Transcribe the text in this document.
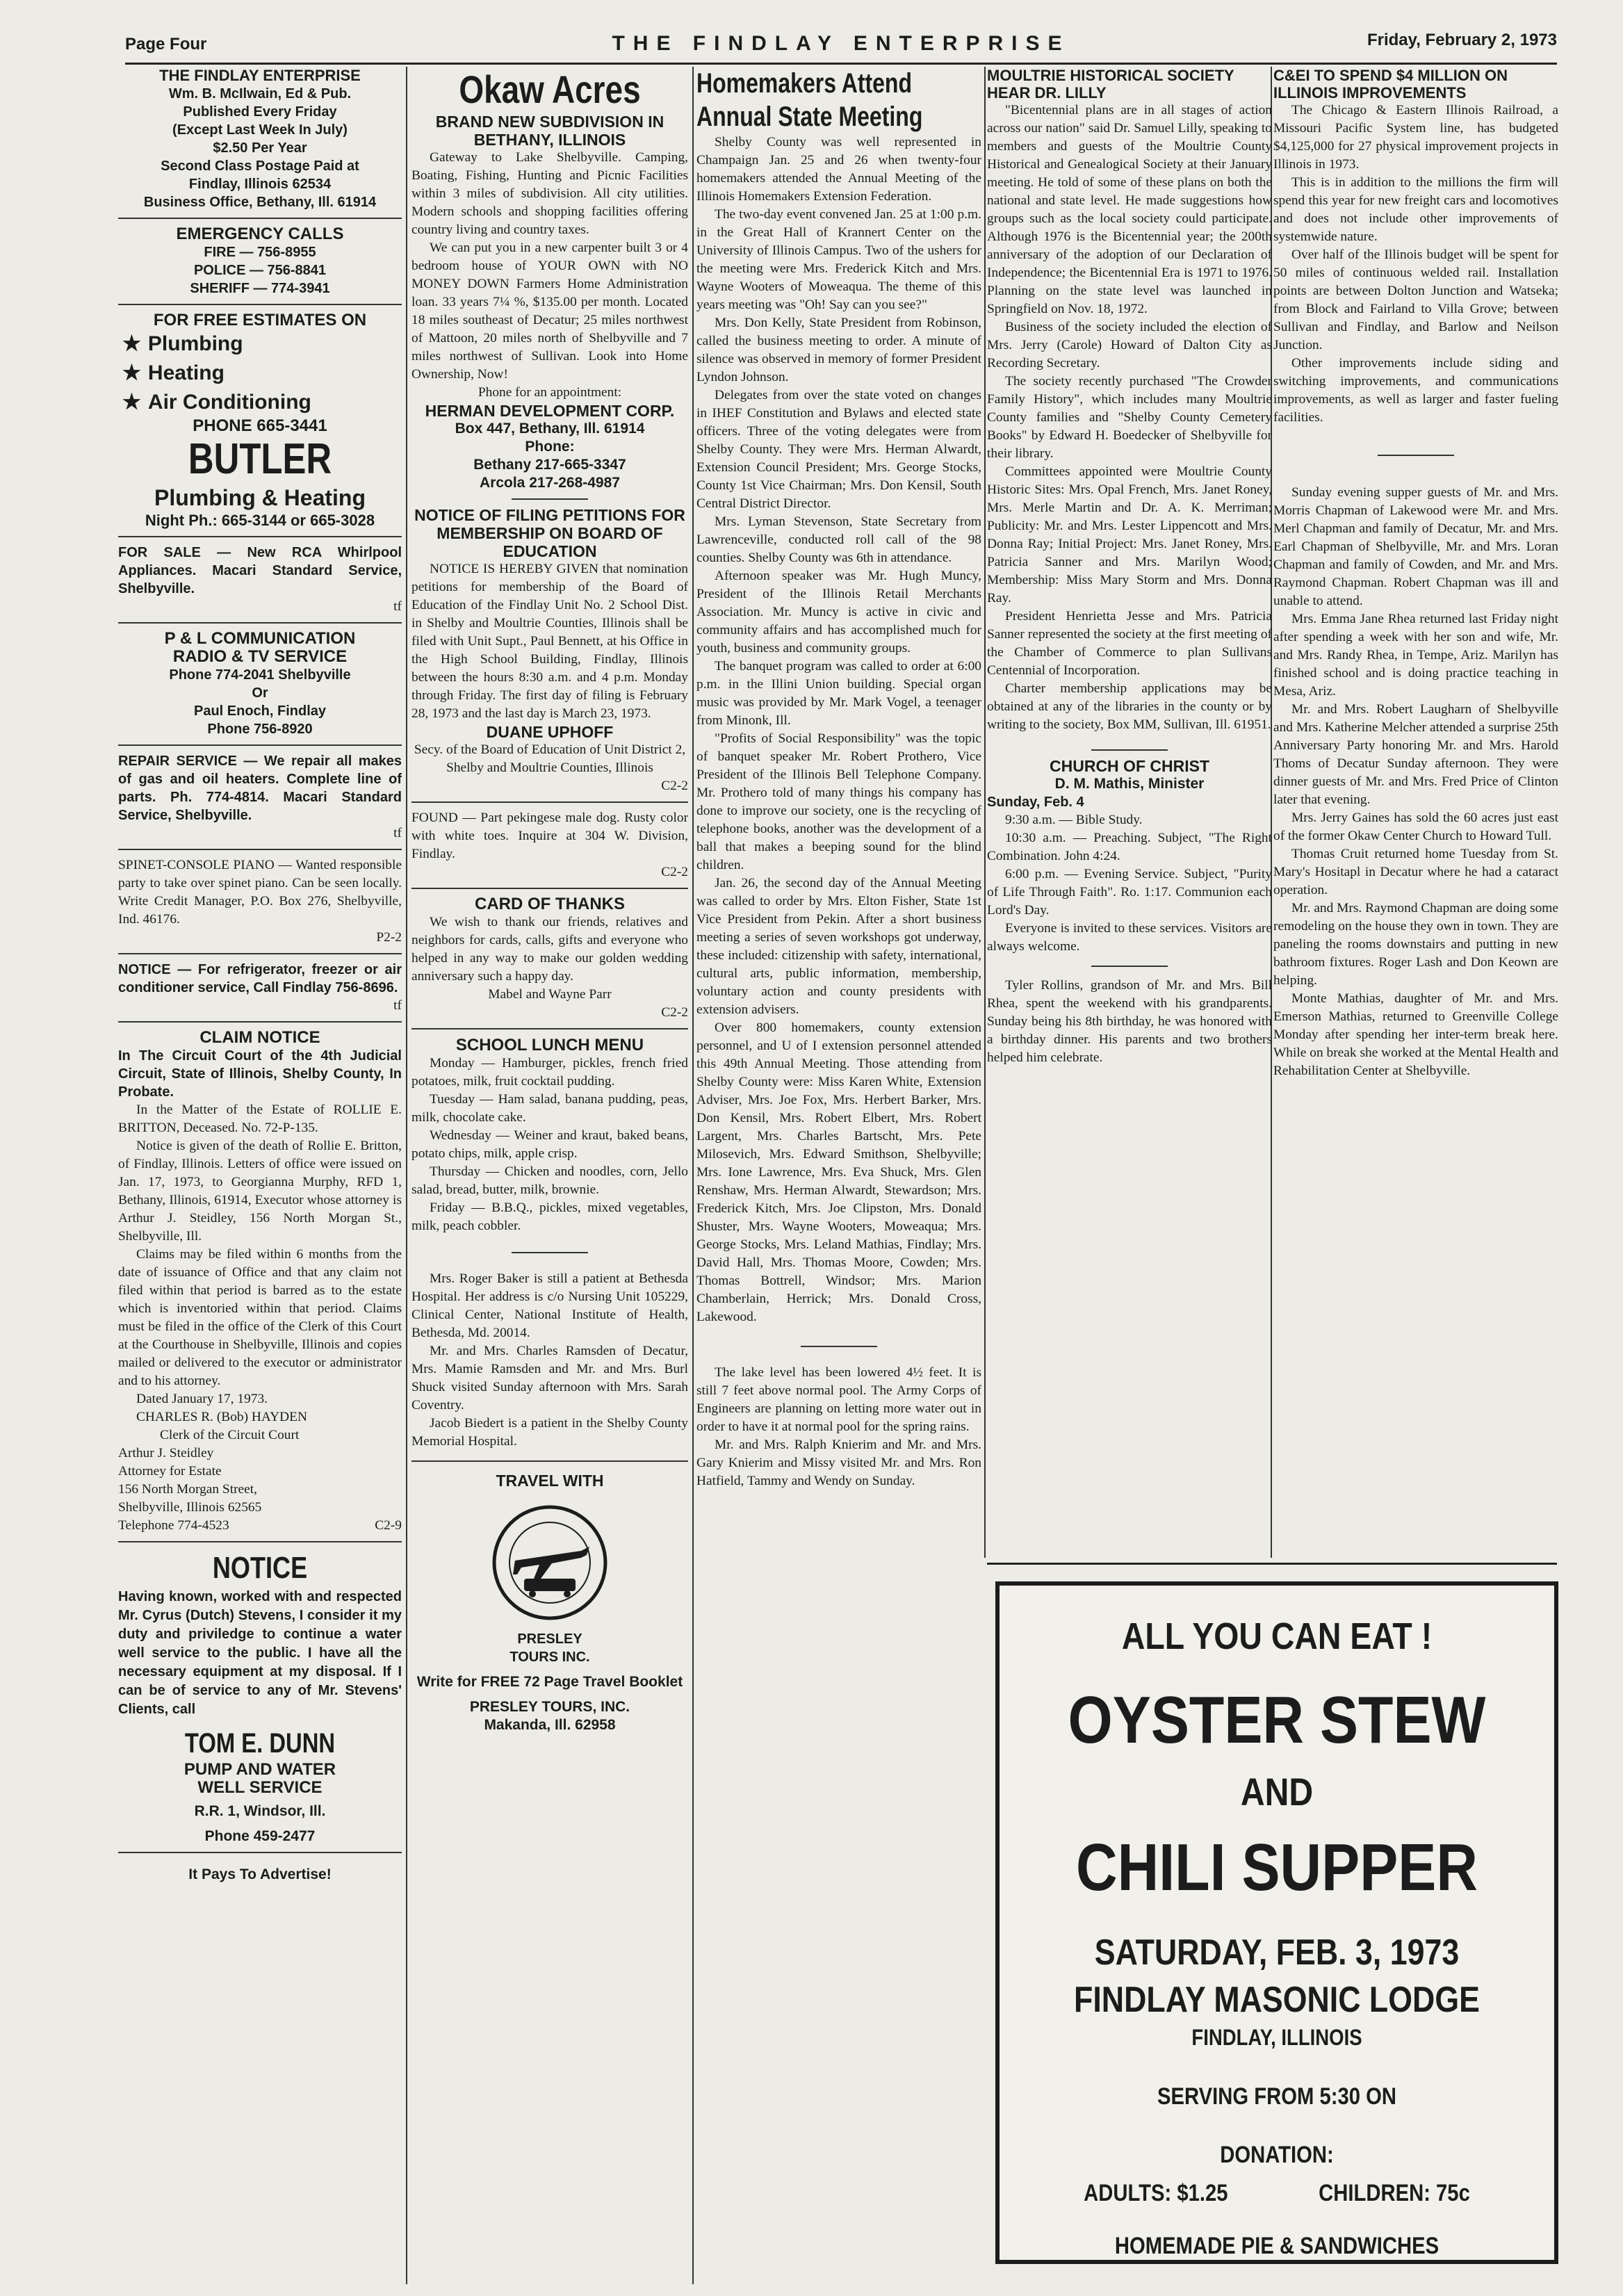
Page Four	THE FINDLAY ENTERPRISE	Friday, February 2, 1973
THE FINDLAY ENTERPRISE
Wm. B. McIlwain, Ed & Pub.
Published Every Friday
(Except Last Week In July)
$2.50 Per Year
Second Class Postage Paid at
Findlay, Illinois 62534
Business Office, Bethany, Ill. 61914
EMERGENCY CALLS
FIRE — 756-8955
POLICE — 756-8841
SHERIFF — 774-3941
FOR FREE ESTIMATES ON
★ Plumbing
★ Heating
★ Air Conditioning
PHONE 665-3441
BUTLER
Plumbing & Heating
Night Ph.: 665-3144 or 665-3028

FOR SALE — New RCA Whirlpool Appliances. Macari Standard Service, Shelbyville.

tf
P & L COMMUNICATION
RADIO & TV SERVICE
Phone 774-2041 Shelbyville
Or
Paul Enoch, Findlay
Phone 756-8920

REPAIR SERVICE — We repair all makes of gas and oil heaters. Complete line of parts. Ph. 774-4814. Macari Standard Service, Shelbyville.

tf

SPINET-CONSOLE PIANO — Wanted responsible party to take over spinet piano. Can be seen locally. Write Credit Manager, P.O. Box 276, Shelbyville, Ind. 46176.

P2-2

NOTICE — For refrigerator, freezer or air conditioner service, Call Findlay 756-8696.

tf
CLAIM NOTICE

In The Circuit Court of the 4th Judicial Circuit, State of Illinois, Shelby County, In Probate.

In the Matter of the Estate of ROLLIE E. BRITTON, Deceased. No. 72-P-135.

Notice is given of the death of Rollie E. Britton, of Findlay, Illinois. Letters of office were issued on Jan. 17, 1973, to Georgianna Murphy, RFD 1, Bethany, Illinois, 61914, Executor whose attorney is Arthur J. Steidley, 156 North Morgan St., Shelbyville, Ill.

Claims may be filed within 6 months from the date of issuance of Office and that any claim not filed within that period is barred as to the estate which is inventoried within that period. Claims must be filed in the office of the Clerk of this Court at the Courthouse in Shelbyville, Illinois and copies mailed or delivered to the executor or administrator and to his attorney.

Dated January 17, 1973.

CHARLES R. (Bob) HAYDEN

Clerk of the Circuit Court

Arthur J. Steidley
Attorney for Estate
156 North Morgan Street,
Shelbyville, Illinois 62565
Telephone 774-4523	C2-9
NOTICE

Having known, worked with and respected Mr. Cyrus (Dutch) Stevens, I consider it my duty and priviledge to continue a water well service to the public. I have all the necessary equipment at my disposal. If I can be of service to any of Mr. Stevens' Clients, call

TOM E. DUNN
PUMP AND WATER
WELL SERVICE
R.R. 1, Windsor, Ill.
Phone 459-2477
It Pays To Advertise!
Okaw Acres
BRAND NEW SUBDIVISION IN BETHANY, ILLINOIS

Gateway to Lake Shelbyville. Camping, Boating, Fishing, Hunting and Picnic Facilities within 3 miles of subdivision. All city utilities. Modern schools and shopping facilities offering country living and country taxes.

We can put you in a new carpenter built 3 or 4 bedroom house of YOUR OWN with NO MONEY DOWN Farmers Home Administration loan. 33 years 7¼ %, $135.00 per month. Located 18 miles southeast of Decatur; 25 miles northwest of Mattoon, 20 miles north of Shelbyville and 7 miles northwest of Sullivan. Look into Home Ownership, Now!

Phone for an appointment:
HERMAN DEVELOPMENT CORP.
Box 447, Bethany, Ill. 61914
Phone:
Bethany 217-665-3347
Arcola 217-268-4987
NOTICE OF FILING PETITIONS FOR MEMBERSHIP ON BOARD OF EDUCATION

NOTICE IS HEREBY GIVEN that nomination petitions for membership of the Board of Education of the Findlay Unit No. 2 School Dist. in Shelby and Moultrie Counties, Illinois shall be filed with Unit Supt., Paul Bennett, at his Office in the High School Building, Findlay, Illinois between the hours 8:30 a.m. and 4 p.m. Monday through Friday. The first day of filing is February 28, 1973 and the last day is March 23, 1973.

DUANE UPHOFF

Secy. of the Board of Education of Unit District 2, Shelby and Moultrie Counties, Illinois

C2-2

FOUND — Part pekingese male dog. Rusty color with white toes. Inquire at 304 W. Division, Findlay.

C2-2
CARD OF THANKS

We wish to thank our friends, relatives and neighbors for cards, calls, gifts and everyone who helped in any way to make our golden wedding anniversary such a happy day.

Mabel and Wayne Parr
C2-2
SCHOOL LUNCH MENU

Monday — Hamburger, pickles, french fried potatoes, milk, fruit cocktail pudding.

Tuesday — Ham salad, banana pudding, peas, milk, chocolate cake.

Wednesday — Weiner and kraut, baked beans, potato chips, milk, apple crisp.

Thursday — Chicken and noodles, corn, Jello salad, bread, butter, milk, brownie.

Friday — B.B.Q., pickles, mixed vegetables, milk, peach cobbler.

Mrs. Roger Baker is still a patient at Bethesda Hospital. Her address is c/o Nursing Unit 105229, Clinical Center, National Institute of Health, Bethesda, Md. 20014.

Mr. and Mrs. Charles Ramsden of Decatur, Mrs. Mamie Ramsden and Mr. and Mrs. Burl Shuck visited Sunday afternoon with Mrs. Sarah Coventry.

Jacob Biedert is a patient in the Shelby County Memorial Hospital.

TRAVEL WITH
PRESLEY
TOURS INC.
Write for FREE 72 Page Travel Booklet
PRESLEY TOURS, INC.
Makanda, Ill. 62958
Homemakers Attend Annual State Meeting

Shelby County was well represented in Champaign Jan. 25 and 26 when twenty-four homemakers attended the Annual Meeting of the Illinois Homemakers Extension Federation.

The two-day event convened Jan. 25 at 1:00 p.m. in the Great Hall of Krannert Center on the University of Illinois Campus. Two of the ushers for the meeting were Mrs. Frederick Kitch and Mrs. Wayne Wooters of Moweaqua. The theme of this years meeting was "Oh! Say can you see?"

Mrs. Don Kelly, State President from Robinson, called the business meeting to order. A minute of silence was observed in memory of former President Lyndon Johnson.

Delegates from over the state voted on changes in IHEF Constitution and Bylaws and elected state officers. Three of the voting delegates were from Shelby County. They were Mrs. Herman Alwardt, Extension Council President; Mrs. George Stocks, County 1st Vice Chairman; Mrs. Don Kensil, South Central District Director.

Mrs. Lyman Stevenson, State Secretary from Lawrenceville, conducted roll call of the 98 counties. Shelby County was 6th in attendance.

Afternoon speaker was Mr. Hugh Muncy, President of the Illinois Retail Merchants Association. Mr. Muncy is active in civic and community affairs and has accomplished much for youth, business and community groups.

The banquet program was called to order at 6:00 p.m. in the Illini Union building. Special organ music was provided by Mr. Mark Vogel, a teenager from Minonk, Ill.

"Profits of Social Responsibility" was the topic of banquet speaker Mr. Robert Prothero, Vice President of the Illinois Bell Telephone Company. Mr. Prothero told of many things his company has done to improve our society, one is the recycling of telephone books, another was the development of a ball that makes a beeping sound for the blind children.

Jan. 26, the second day of the Annual Meeting was called to order by Mrs. Elton Fisher, State 1st Vice President from Pekin. After a short business meeting a series of seven workshops got underway, these included: citizenship with safety, international, cultural arts, public information, membership, voluntary action and county presidents with extension advisers.

Over 800 homemakers, county extension personnel, and U of I extension personnel attended this 49th Annual Meeting. Those attending from Shelby County were: Miss Karen White, Extension Adviser, Mrs. Joe Fox, Mrs. Herbert Barker, Mrs. Don Kensil, Mrs. Robert Elbert, Mrs. Robert Largent, Mrs. Charles Bartscht, Mrs. Pete Milosevich, Mrs. Edward Smithson, Shelbyville; Mrs. Ione Lawrence, Mrs. Eva Shuck, Mrs. Glen Renshaw, Mrs. Herman Alwardt, Stewardson; Mrs. Frederick Kitch, Mrs. Joe Clipston, Mrs. Donald Shuster, Mrs. Wayne Wooters, Moweaqua; Mrs. George Stocks, Mrs. Leland Mathias, Findlay; Mrs. David Hall, Mrs. Thomas Moore, Cowden; Mrs. Thomas Bottrell, Windsor; Mrs. Marion Chamberlain, Herrick; Mrs. Donald Cross, Lakewood.

The lake level has been lowered 4½ feet. It is still 7 feet above normal pool. The Army Corps of Engineers are planning on letting more water out in order to have it at normal pool for the spring rains.

Mr. and Mrs. Ralph Knierim and Mr. and Mrs. Gary Knierim and Missy visited Mr. and Mrs. Ron Hatfield, Tammy and Wendy on Sunday.

MOULTRIE HISTORICAL SOCIETY HEAR DR. LILLY

"Bicentennial plans are in all stages of action across our nation" said Dr. Samuel Lilly, speaking to members and guests of the Moultrie County Historical and Genealogical Society at their January meeting. He told of some of these plans on both the national and state level. He made suggestions how groups such as the local society could participate. Although 1976 is the Bicentennial year; the 200th anniversary of the adoption of our Declaration of Independence; the Bicentennial Era is 1971 to 1976. Planning on the state level was launched in Springfield on Nov. 18, 1972.

Business of the society included the election of Mrs. Jerry (Carole) Howard of Dalton City as Recording Secretary.

The society recently purchased "The Crowder Family History", which includes many Moultrie County families and "Shelby County Cemetery Books" by Edward H. Boedecker of Shelbyville for their library.

Committees appointed were Moultrie County Historic Sites: Mrs. Opal French, Mrs. Janet Roney, Mrs. Merle Martin and Dr. A. K. Merriman; Publicity: Mr. and Mrs. Lester Lippencott and Mrs. Donna Ray; Initial Project: Mrs. Janet Roney, Mrs. Patricia Sanner and Mrs. Marilyn Wood; Membership: Miss Mary Storm and Mrs. Donna Ray.

President Henrietta Jesse and Mrs. Patricia Sanner represented the society at the first meeting of the Chamber of Commerce to plan Sullivans Centennial of Incorporation.

Charter membership applications may be obtained at any of the libraries in the county or by writing to the society, Box MM, Sullivan, Ill. 61951.

CHURCH OF CHRIST
D. M. Mathis, Minister
Sunday, Feb. 4

9:30 a.m. — Bible Study.

10:30 a.m. — Preaching. Subject, "The Right Combination. John 4:24.

6:00 p.m. — Evening Service. Subject, "Purity of Life Through Faith". Ro. 1:17. Communion each Lord's Day.

Everyone is invited to these services. Visitors are always welcome.

Tyler Rollins, grandson of Mr. and Mrs. Bill Rhea, spent the weekend with his grandparents. Sunday being his 8th birthday, he was honored with a birthday dinner. His parents and two brothers helped him celebrate.

C&EI TO SPEND $4 MILLION ON ILLINOIS IMPROVEMENTS

The Chicago & Eastern Illinois Railroad, a Missouri Pacific System line, has budgeted $4,125,000 for 27 physical improvement projects in Illinois in 1973.

This is in addition to the millions the firm will spend this year for new freight cars and locomotives and does not include other improvements of systemwide nature.

Over half of the Illinois budget will be spent for 50 miles of continuous welded rail. Installation points are between Dolton Junction and Watseka; from Block and Fairland to Villa Grove; between Sullivan and Findlay, and Barlow and Neilson Junction.

Other improvements include siding and switching improvements, and communications improvements, as well as larger and faster fueling facilities.

Sunday evening supper guests of Mr. and Mrs. Morris Chapman of Lakewood were Mr. and Mrs. Merl Chapman and family of Decatur, Mr. and Mrs. Earl Chapman of Shelbyville, Mr. and Mrs. Loran Chapman and family of Cowden, and Mr. and Mrs. Raymond Chapman. Robert Chapman was ill and unable to attend.

Mrs. Emma Jane Rhea returned last Friday night after spending a week with her son and wife, Mr. and Mrs. Randy Rhea, in Tempe, Ariz. Marilyn has finished school and is doing practice teaching in Mesa, Ariz.

Mr. and Mrs. Robert Laugharn of Shelbyville and Mrs. Katherine Melcher attended a surprise 25th Anniversary Party honoring Mr. and Mrs. Harold Thoms of Decatur Sunday afternoon. They were dinner guests of Mr. and Mrs. Fred Price of Clinton later that evening.

Mrs. Jerry Gaines has sold the 60 acres just east of the former Okaw Center Church to Howard Tull.

Thomas Cruit returned home Tuesday from St. Mary's Hositapl in Decatur where he had a cataract operation.

Mr. and Mrs. Raymond Chapman are doing some remodeling on the house they own in town. They are paneling the rooms downstairs and putting in new bathroom fixtures. Roger Lash and Don Keown are helping.

Monte Mathias, daughter of Mr. and Mrs. Emerson Mathias, returned to Greenville College Monday after spending her inter-term break here. While on break she worked at the Mental Health and Rehabilitation Center at Shelbyville.

ALL YOU CAN EAT !
OYSTER STEW
AND
CHILI SUPPER
SATURDAY, FEB. 3, 1973
FINDLAY MASONIC LODGE
FINDLAY, ILLINOIS
SERVING FROM 5:30 ON
DONATION:
ADULTS: $1.25	CHILDREN: 75c
HOMEMADE PIE & SANDWICHES
